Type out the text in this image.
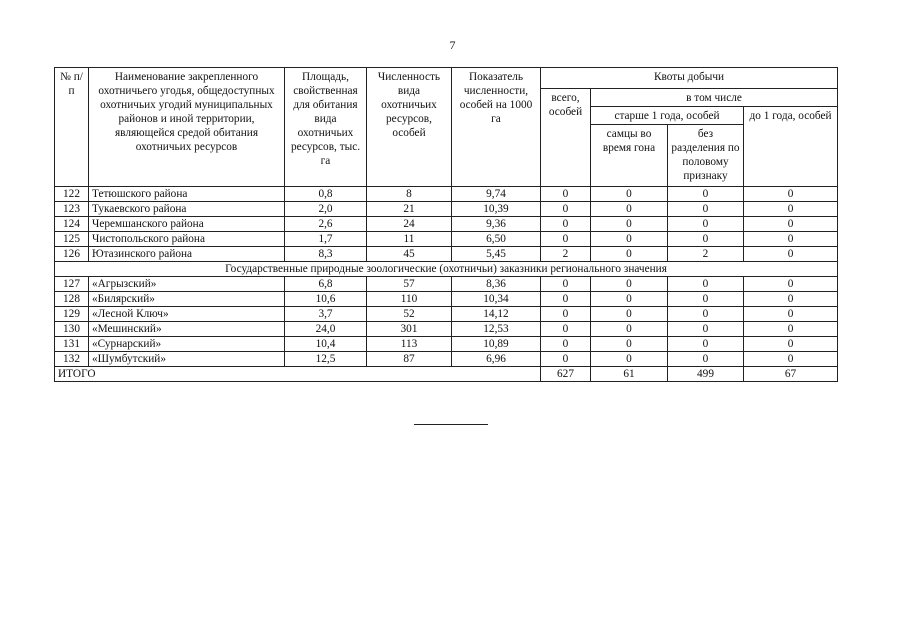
7
№ п/п	Наименование закрепленного охотничьего угодья, общедоступных охотничьих угодий муниципальных районов и иной территории, являющейся средой обитания охотничьих ресурсов	Площадь, свойственная для обитания вида охотничьих ресурсов, тыс. га	Численность вида охотничьих ресурсов, особей	Показатель численности, особей на 1000 га	Квоты добычи			
					всего, особей	в том числе		
						старше 1 года, особей		до 1 года, особей
						самцы во время гона	без разделения по половому признаку	
122	Тетюшского района	0,8	8	9,74	0	0	0	0
123	Тукаевского района	2,0	21	10,39	0	0	0	0
124	Черемшанского района	2,6	24	9,36	0	0	0	0
125	Чистопольского района	1,7	11	6,50	0	0	0	0
126	Ютазинского района	8,3	45	5,45	2	0	2	0
Государственные природные зоологические (охотничьи) заказники регионального значения								
127	«Агрызский»	6,8	57	8,36	0	0	0	0
128	«Билярский»	10,6	110	10,34	0	0	0	0
129	«Лесной Ключ»	3,7	52	14,12	0	0	0	0
130	«Мешинский»	24,0	301	12,53	0	0	0	0
131	«Сурнарский»	10,4	113	10,89	0	0	0	0
132	«Шумбутский»	12,5	87	6,96	0	0	0	0
ИТОГО					627	61	499	67
